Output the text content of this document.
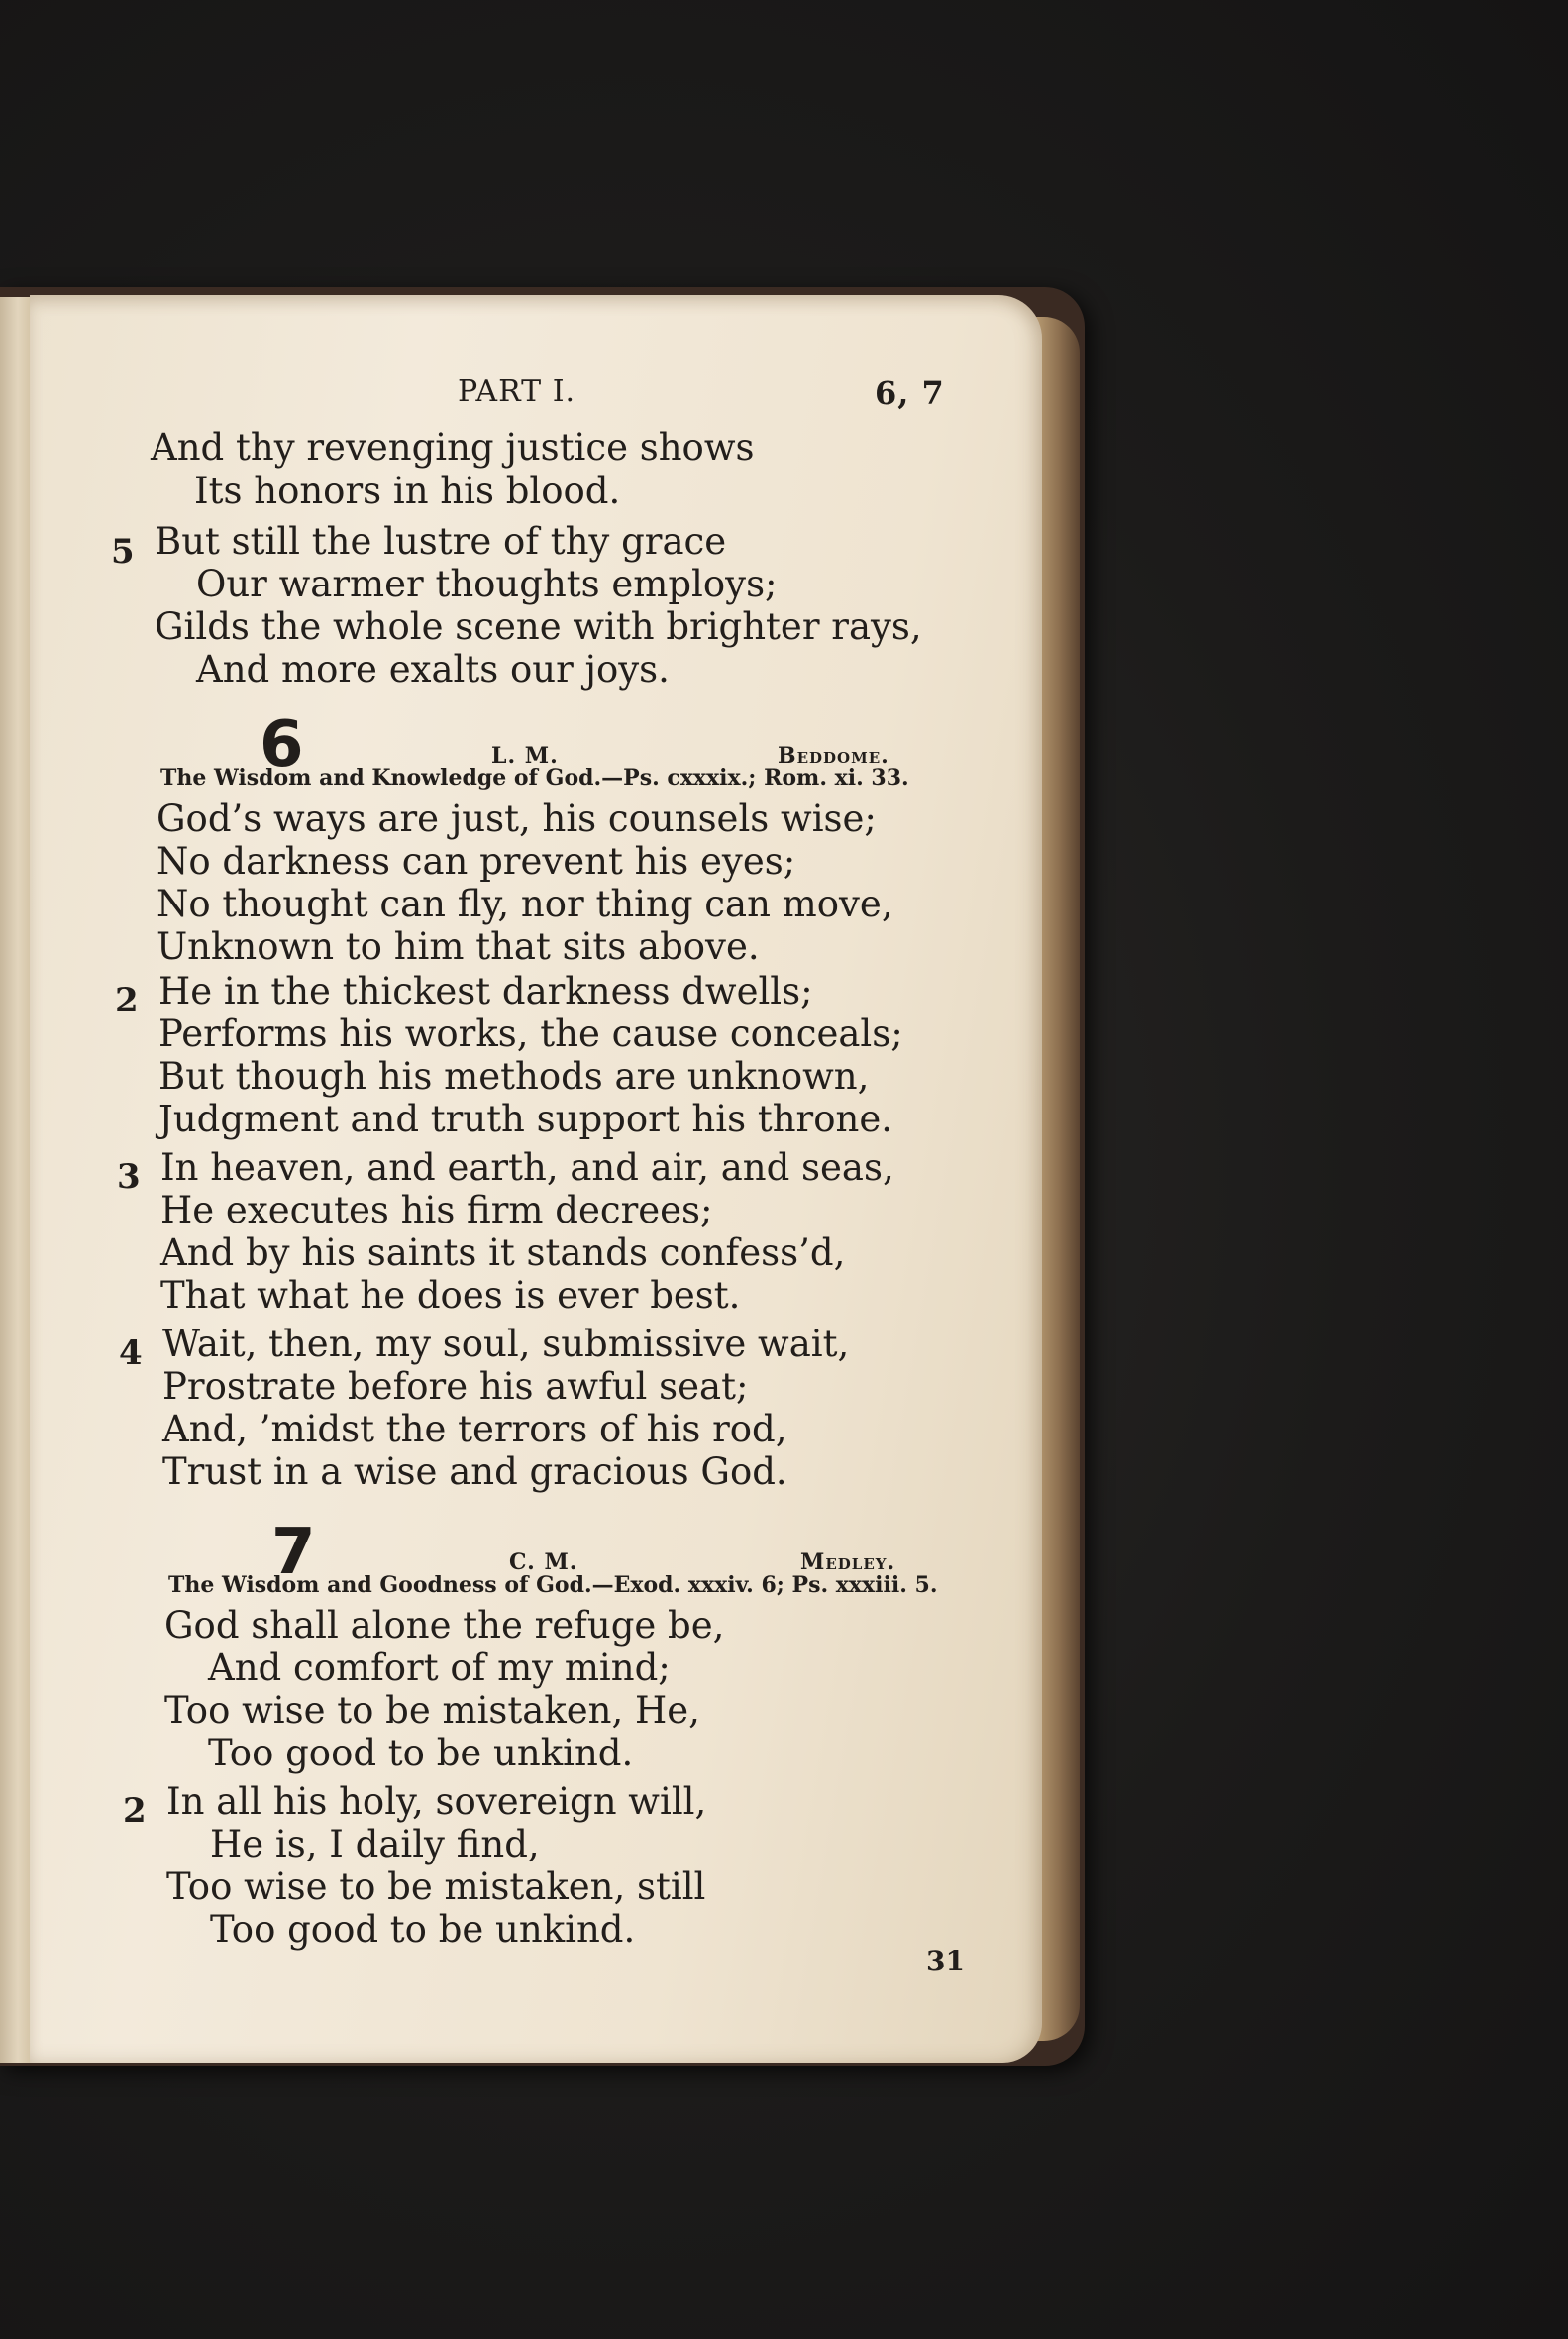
PART I.	6, 7

And thy revenging justice shows

Its honors in his blood.

5 But still the lustre of thy grace

Our warmer thoughts employs;

Gilds the whole scene with brighter rays,

And more exalts our joys.

6	L. M.	Beddome.

The Wisdom and Knowledge of God.—Ps. cxxxix.; Rom. xi. 33.

God’s ways are just, his counsels wise;

No darkness can prevent his eyes;

No thought can fly, nor thing can move,

Unknown to him that sits above.

2 He in the thickest darkness dwells;

Performs his works, the cause conceals;

But though his methods are unknown,

Judgment and truth support his throne.

3 In heaven, and earth, and air, and seas,

He executes his firm decrees;

And by his saints it stands confess’d,

That what he does is ever best.

4 Wait, then, my soul, submissive wait,

Prostrate before his awful seat;

And, ’midst the terrors of his rod,

Trust in a wise and gracious God.

7	C. M.	Medley.

The Wisdom and Goodness of God.—Exod. xxxiv. 6; Ps. xxxiii. 5.

God shall alone the refuge be,

And comfort of my mind;

Too wise to be mistaken, He,

Too good to be unkind.

2 In all his holy, sovereign will,

He is, I daily find,

Too wise to be mistaken, still

Too good to be unkind.

31
